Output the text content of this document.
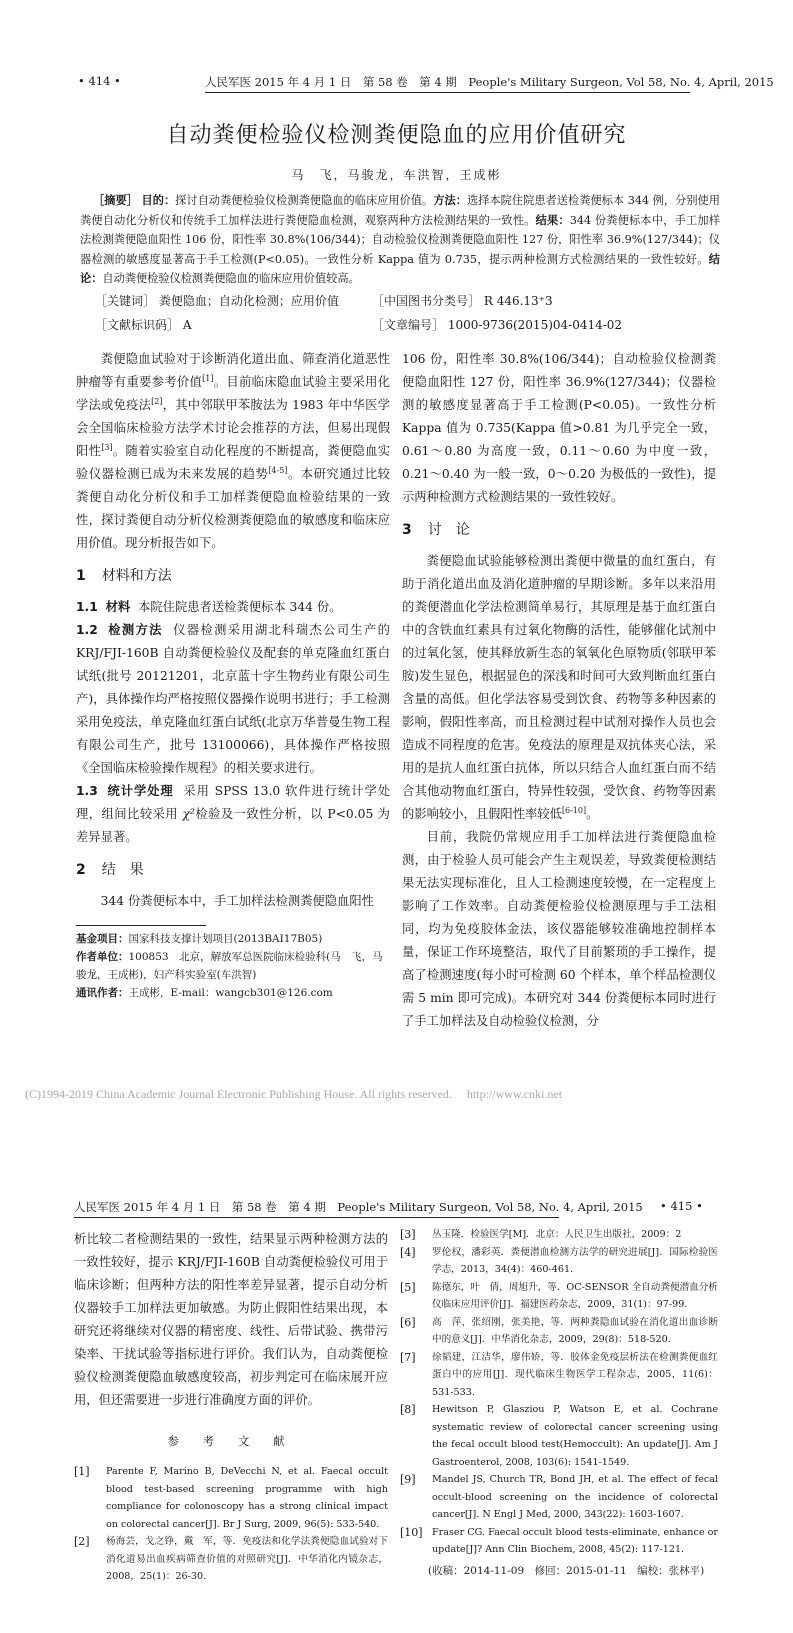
• 414 •	人民军医 2015 年 4 月 1 日　第 58 卷　第 4 期　People's Military Surgeon, Vol 58, No. 4, April, 2015
自动粪便检验仪检测粪便隐血的应用价值研究
马　飞，马骏龙，车洪智，王成彬
［摘要］ 目的：探讨自动粪便检验仪检测粪便隐血的临床应用价值。方法：选择本院住院患者送检粪便标本 344 例，分别使用粪便自动化分析仪和传统手工加样法进行粪便隐血检测，观察两种方法检测结果的一致性。结果：344 份粪便标本中，手工加样法检测粪便隐血阳性 106 份，阳性率 30.8%(106/344)；自动检验仪检测粪便隐血阳性 127 份，阳性率 36.9%(127/344)；仪器检测的敏感度显著高于手工检测(P<0.05)。一致性分析 Kappa 值为 0.735，提示两种检测方式检测结果的一致性较好。结论：自动粪便检验仪检测粪便隐血的临床应用价值较高。
［关键词］ 粪便隐血；自动化检测；应用价值	［中国图书分类号］ R 446.13⁺3
［文献标识码］ A	［文章编号］ 1000-9736(2015)04-0414-02

粪便隐血试验对于诊断消化道出血、筛查消化道恶性肿瘤等有重要参考价值[1]。目前临床隐血试验主要采用化学法或免疫法[2]，其中邻联甲苯胺法为 1983 年中华医学会全国临床检验方法学术讨论会推荐的方法，但易出现假阳性[3]。随着实验室自动化程度的不断提高，粪便隐血实验仪器检测已成为未来发展的趋势[4-5]。本研究通过比较粪便自动化分析仪和手工加样粪便隐血检验结果的一致性，探讨粪便自动分析仪检测粪便隐血的敏感度和临床应用价值。现分析报告如下。

1 材料和方法

1.1 材料 本院住院患者送检粪便标本 344 份。

1.2 检测方法 仪器检测采用湖北科瑞杰公司生产的 KRJ/FJI-160B 自动粪便检验仪及配套的单克隆血红蛋白试纸(批号 20121201，北京蓝十字生物药业有限公司生产)，具体操作均严格按照仪器操作说明书进行；手工检测采用免疫法，单克隆血红蛋白试纸(北京万华普曼生物工程有限公司生产，批号 13100066)，具体操作严格按照《全国临床检验操作规程》的相关要求进行。

1.3 统计学处理 采用 SPSS 13.0 软件进行统计学处理，组间比较采用 χ²检验及一致性分析，以 P<0.05 为差异显著。

2 结　果

344 份粪便标本中，手工加样法检测粪便隐血阳性

基金项目：国家科技支撑计划项目(2013BAI17B05)
作者单位：100853　北京，解放军总医院临床检验科(马　飞，马骏龙，王成彬)，妇产科实验室(车洪智)
通讯作者：王成彬，E-mail：wangcb301@126.com

106 份，阳性率 30.8%(106/344)；自动检验仪检测粪便隐血阳性 127 份，阳性率 36.9%(127/344)；仪器检测的敏感度显著高于手工检测(P<0.05)。一致性分析 Kappa 值为 0.735(Kappa 值>0.81 为几乎完全一致，0.61～0.80 为高度一致，0.11～0.60 为中度一致，0.21～0.40 为一般一致，0～0.20 为极低的一致性)，提示两种检测方式检测结果的一致性较好。

3 讨　论

粪便隐血试验能够检测出粪便中微量的血红蛋白，有助于消化道出血及消化道肿瘤的早期诊断。多年以来沿用的粪便潜血化学法检测简单易行，其原理是基于血红蛋白中的含铁血红素具有过氧化物酶的活性，能够催化试剂中的过氧化氢，使其释放新生态的氧氧化色原物质(邻联甲苯胺)发生显色，根据显色的深浅和时间可大致判断血红蛋白含量的高低。但化学法容易受到饮食、药物等多种因素的影响，假阳性率高，而且检测过程中试剂对操作人员也会造成不同程度的危害。免疫法的原理是双抗体夹心法，采用的是抗人血红蛋白抗体，所以只结合人血红蛋白而不结合其他动物血红蛋白，特异性较强，受饮食、药物等因素的影响较小，且假阳性率较低[6-10]。

目前，我院仍常规应用手工加样法进行粪便隐血检测，由于检验人员可能会产生主观误差，导致粪便检测结果无法实现标准化，且人工检测速度较慢，在一定程度上影响了工作效率。自动粪便检验仪检测原理与手工法相同，均为免疫胶体金法，该仪器能够较准确地控制样本量，保证工作环境整洁，取代了目前繁琐的手工操作，提高了检测速度(每小时可检测 60 个样本，单个样品检测仪需 5 min 即可完成)。本研究对 344 份粪便标本同时进行了手工加样法及自动检验仪检测，分

(C)1994-2019 China Academic Journal Electronic Publishing House. All rights reserved.　 http://www.cnki.net
人民军医 2015 年 4 月 1 日　第 58 卷　第 4 期　People's Military Surgeon, Vol 58, No. 4, April, 2015 • 415 •

析比较二者检测结果的一致性，结果显示两种检测方法的一致性较好，提示 KRJ/FJI-160B 自动粪便检验仪可用于临床诊断；但两种方法的阳性率差异显著，提示自动分析仪器较手工加样法更加敏感。为防止假阳性结果出现，本研究还将继续对仪器的精密度、线性、后带试验、携带污染率、干扰试验等指标进行评价。我们认为，自动粪便检验仪检测粪便隐血敏感度较高，初步判定可在临床展开应用，但还需要进一步进行准确度方面的评价。

参 考 文 献

[1]	Parente F, Marino B, DeVecchi N, et al. Faecal occult blood test-based screening programme with high compliance for colonoscopy has a strong clinical impact on colorectal cancer[J]. Br J Surg, 2009, 96(5): 533-540.
[2]	杨海芸，戈之铮，戴　军，等．免疫法和化学法粪便隐血试验对下消化道易出血疾病筛查价值的对照研究[J]．中华消化内镜杂志，2008，25(1)：26-30.
[3]	丛玉隆．检验医学[M]．北京：人民卫生出版社，2009：2
[4]	罗伦权，潘彩英．粪便潜血检测方法学的研究进展[J]．国际检验医学志，2013，34(4)：460-461.
[5]	陈德东，叶　倩，周旭升，等．OC-SENSOR 全自动粪便潜血分析仪临床应用评价[J]．福建医药杂志，2009，31(1)：97-99.
[6]	高　萍，张绍刚，张美艳，等．两种粪隐血试验在消化道出血诊断中的意义[J]．中华消化杂志，2009，29(8)：518-520.
[7]	徐韬建，江洁华，廖伟娇，等．胶体金免疫层析法在检测粪便血红蛋白中的应用[J]．现代临床生物医学工程杂志，2005，11(6)：531-533.
[8]	Hewitson P, Glasziou P, Watson E, et al. Cochrane systematic review of colorectal cancer screening using the fecal occult blood test(Hemoccult): An update[J]. Am J Gastroenterol, 2008, 103(6): 1541-1549.
[9]	Mandel JS, Church TR, Bond JH, et al. The effect of fecal occult-blood screening on the incidence of colorectal cancer[J]. N Engl J Med, 2000, 343(22): 1603-1607.
[10] Fraser CG. Faecal occult blood tests-eliminate, enhance or update[J]? Ann Clin Biochem, 2008, 45(2): 117-121.
(收稿：2014-11-09　修回：2015-01-11　编校：张林平)
